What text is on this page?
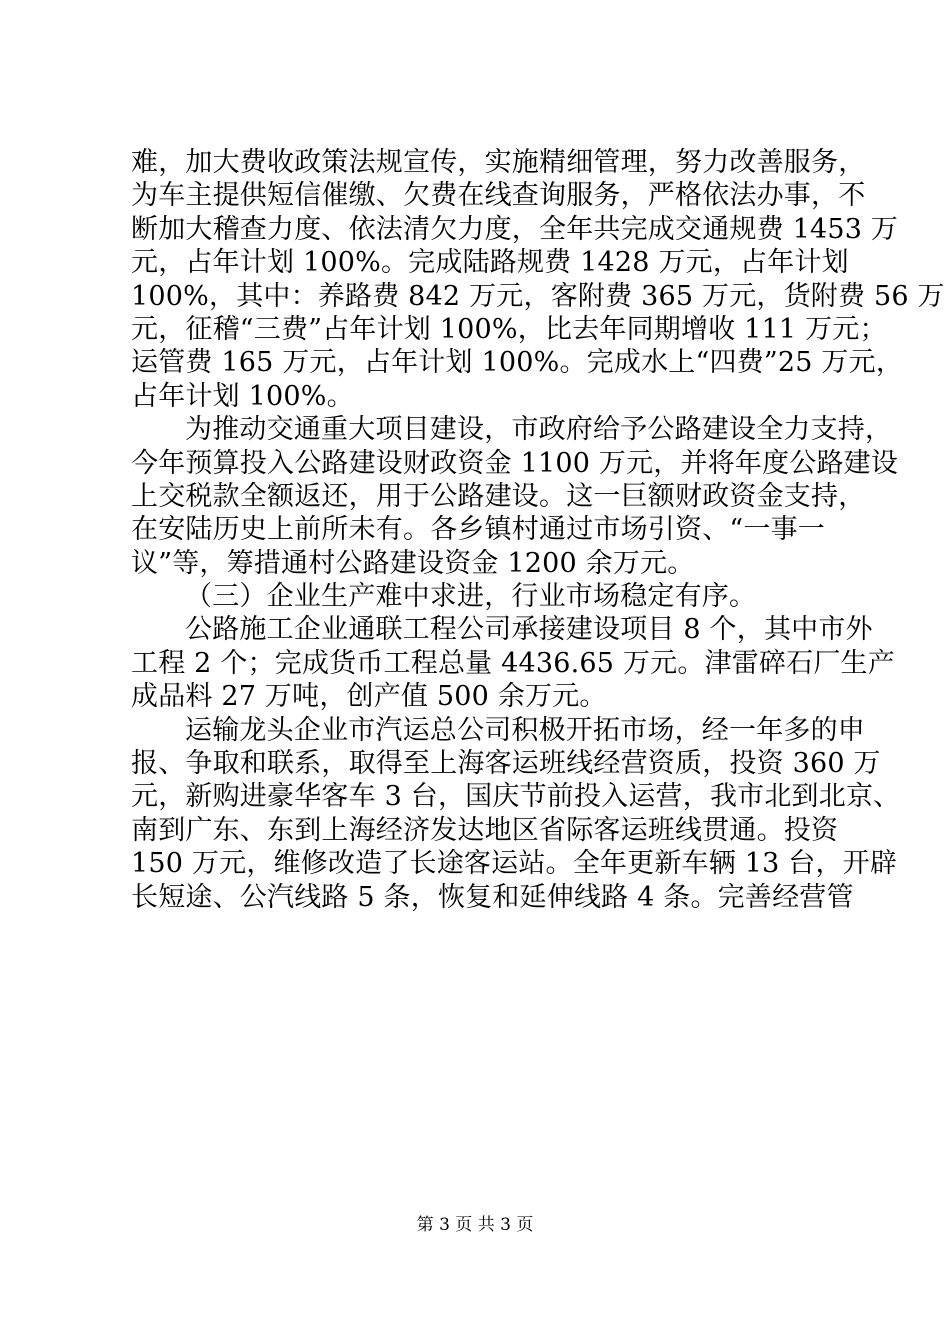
难，加大费收政策法规宣传，实施精细管理，努力改善服务，
为车主提供短信催缴、欠费在线查询服务，严格依法办事，不
断加大稽查力度、依法清欠力度，全年共完成交通规费 1453 万
元，占年计划 100%。完成陆路规费 1428 万元，占年计划
100%，其中：养路费 842 万元，客附费 365 万元，货附费 56 万
元，征稽“三费”占年计划 100%，比去年同期增收 111 万元；
运管费 165 万元，占年计划 100%。完成水上“四费”25 万元，
占年计划 100%。
为推动交通重大项目建设，市政府给予公路建设全力支持，
今年预算投入公路建设财政资金 1100 万元，并将年度公路建设
上交税款全额返还，用于公路建设。这一巨额财政资金支持，
在安陆历史上前所未有。各乡镇村通过市场引资、“一事一
议”等，筹措通村公路建设资金 1200 余万元。
（三）企业生产难中求进，行业市场稳定有序。
公路施工企业通联工程公司承接建设项目 8 个，其中市外
工程 2 个；完成货币工程总量 4436.65 万元。津雷碎石厂生产
成品料 27 万吨，创产值 500 余万元。
运输龙头企业市汽运总公司积极开拓市场，经一年多的申
报、争取和联系，取得至上海客运班线经营资质，投资 360 万
元，新购进豪华客车 3 台，国庆节前投入运营，我市北到北京、
南到广东、东到上海经济发达地区省际客运班线贯通。投资
150 万元，维修改造了长途客运站。全年更新车辆 13 台，开辟
长短途、公汽线路 5 条，恢复和延伸线路 4 条。完善经营管
第 3 页 共 3 页
